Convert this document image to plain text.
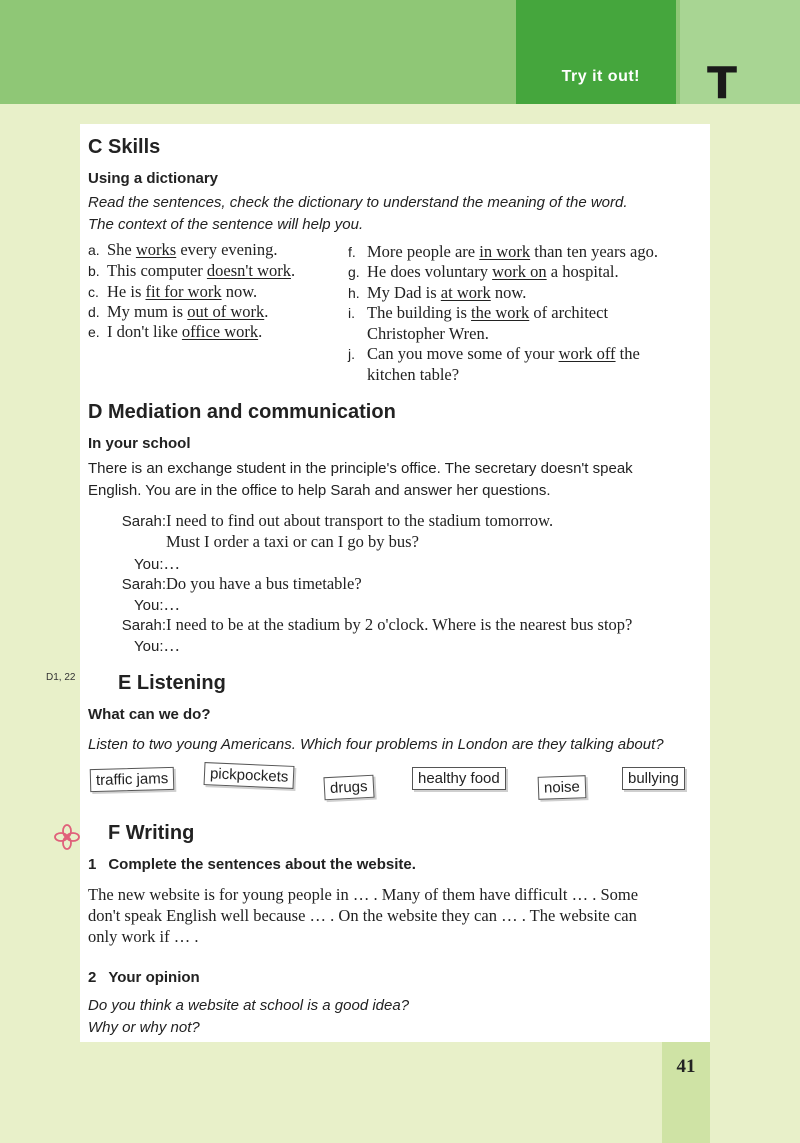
Try it out! T
41
D1, 22
C Skills
Using a dictionary
Read the sentences, check the dictionary to understand the meaning of the word.
The context of the sentence will help you.
a. She works every evening.
b. This computer doesn't work.
c. He is fit for work now.
d. My mum is out of work.
e. I don't like office work.
f. More people are in work than ten years ago.
g. He does voluntary work on a hospital.
h. My Dad is at work now.
i. The building is the work of architect
Christopher Wren.
j. Can you move some of your work off the
kitchen table?
D Mediation and communication
In your school
There is an exchange student in the principle's office. The secretary doesn't speak
English. You are in the office to help Sarah and answer her questions.
Sarah:I need to find out about transport to the stadium tomorrow.
Must I order a taxi or can I go by bus?
You:…
Sarah:Do you have a bus timetable?
You:…
Sarah:I need to be at the stadium by 2 o'clock. Where is the nearest bus stop?
You:…
E Listening
What can we do?
Listen to two young Americans. Which four problems in London are they talking about?
traffic jams	pickpockets
drugs	healthy food	noise	bullying
F Writing
1 Complete the sentences about the website.
The new website is for young people in … . Many of them have difficult … . Some
don't speak English well because … . On the website they can … . The website can
only work if … .
2 Your opinion
Do you think a website at school is a good idea?
Why or why not?
